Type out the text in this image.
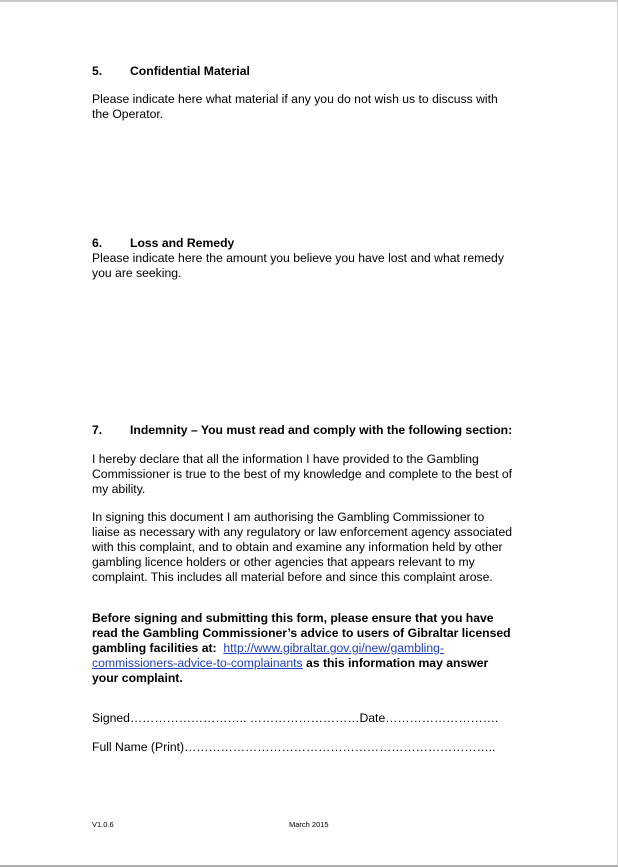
5. Confidential Material
Please indicate here what material if any you do not wish us to discuss with
the Operator.
6. Loss and Remedy
Please indicate here the amount you believe you have lost and what remedy
you are seeking.
7. Indemnity – You must read and comply with the following section:
I hereby declare that all the information I have provided to the Gambling
Commissioner is true to the best of my knowledge and complete to the best of
my ability.
In signing this document I am authorising the Gambling Commissioner to
liaise as necessary with any regulatory or law enforcement agency associated
with this complaint, and to obtain and examine any information held by other
gambling licence holders or other agencies that appears relevant to my
complaint. This includes all material before and since this complaint arose.
Before signing and submitting this form, please ensure that you have
read the Gambling Commissioner’s advice to users of Gibraltar licensed
gambling facilities at: http://www.gibraltar.gov.gi/new/gambling-
commissioners-advice-to-complainants as this information may answer
your complaint.
Signed……………………….. ………………………Date……………………….
Full Name (Print)…………………………………………………………………..
V1.0.6	March 2015
